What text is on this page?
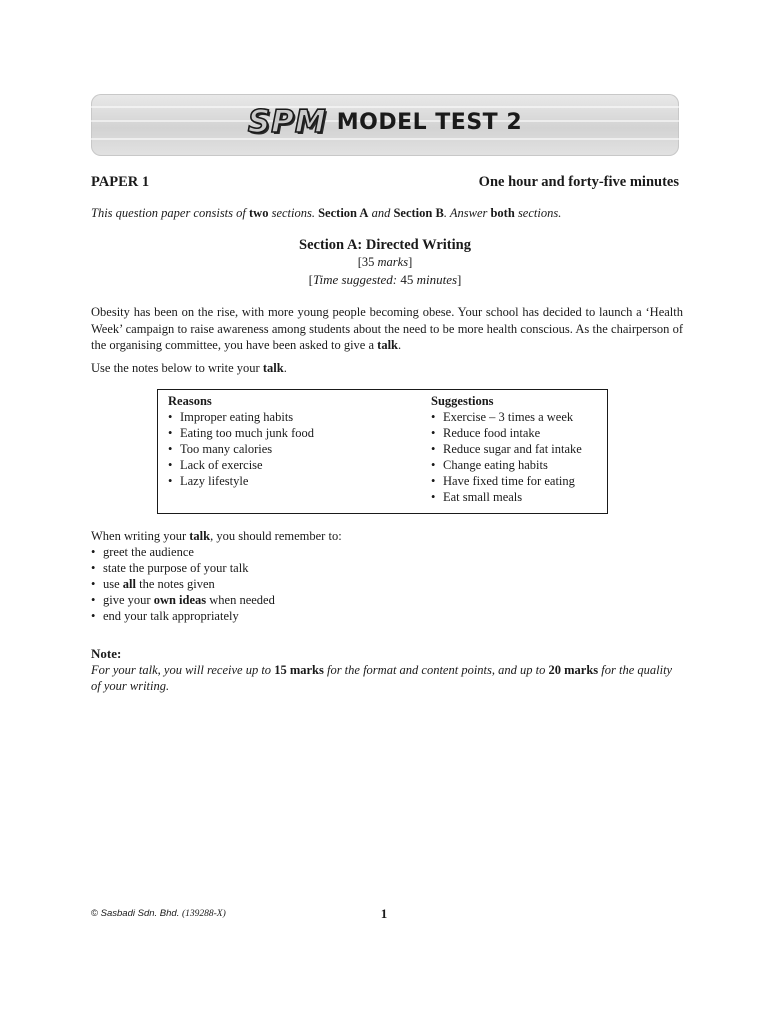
SPM MODEL TEST 2
PAPER 1	One hour and forty-five minutes
This question paper consists of two sections. Section A and Section B. Answer both sections.
Section A: Directed Writing
[35 marks]
[Time suggested: 45 minutes]
Obesity has been on the rise, with more young people becoming obese. Your school has decided to launch a ‘Health Week’ campaign to raise awareness among students about the need to be more health conscious. As the chairperson of the organising committee, you have been asked to give a talk.
Use the notes below to write your talk.
Reasons
• Improper eating habits
• Eating too much junk food
• Too many calories
• Lack of exercise
• Lazy lifestyle
Suggestions
• Exercise – 3 times a week
• Reduce food intake
• Reduce sugar and fat intake
• Change eating habits
• Have fixed time for eating
• Eat small meals
When writing your talk, you should remember to:
• greet the audience
• state the purpose of your talk
• use all the notes given
• give your own ideas when needed
• end your talk appropriately
Note:
For your talk, you will receive up to 15 marks for the format and content points, and up to 20 marks for the quality of your writing.
© Sasbadi Sdn. Bhd. (139288-X)	1
